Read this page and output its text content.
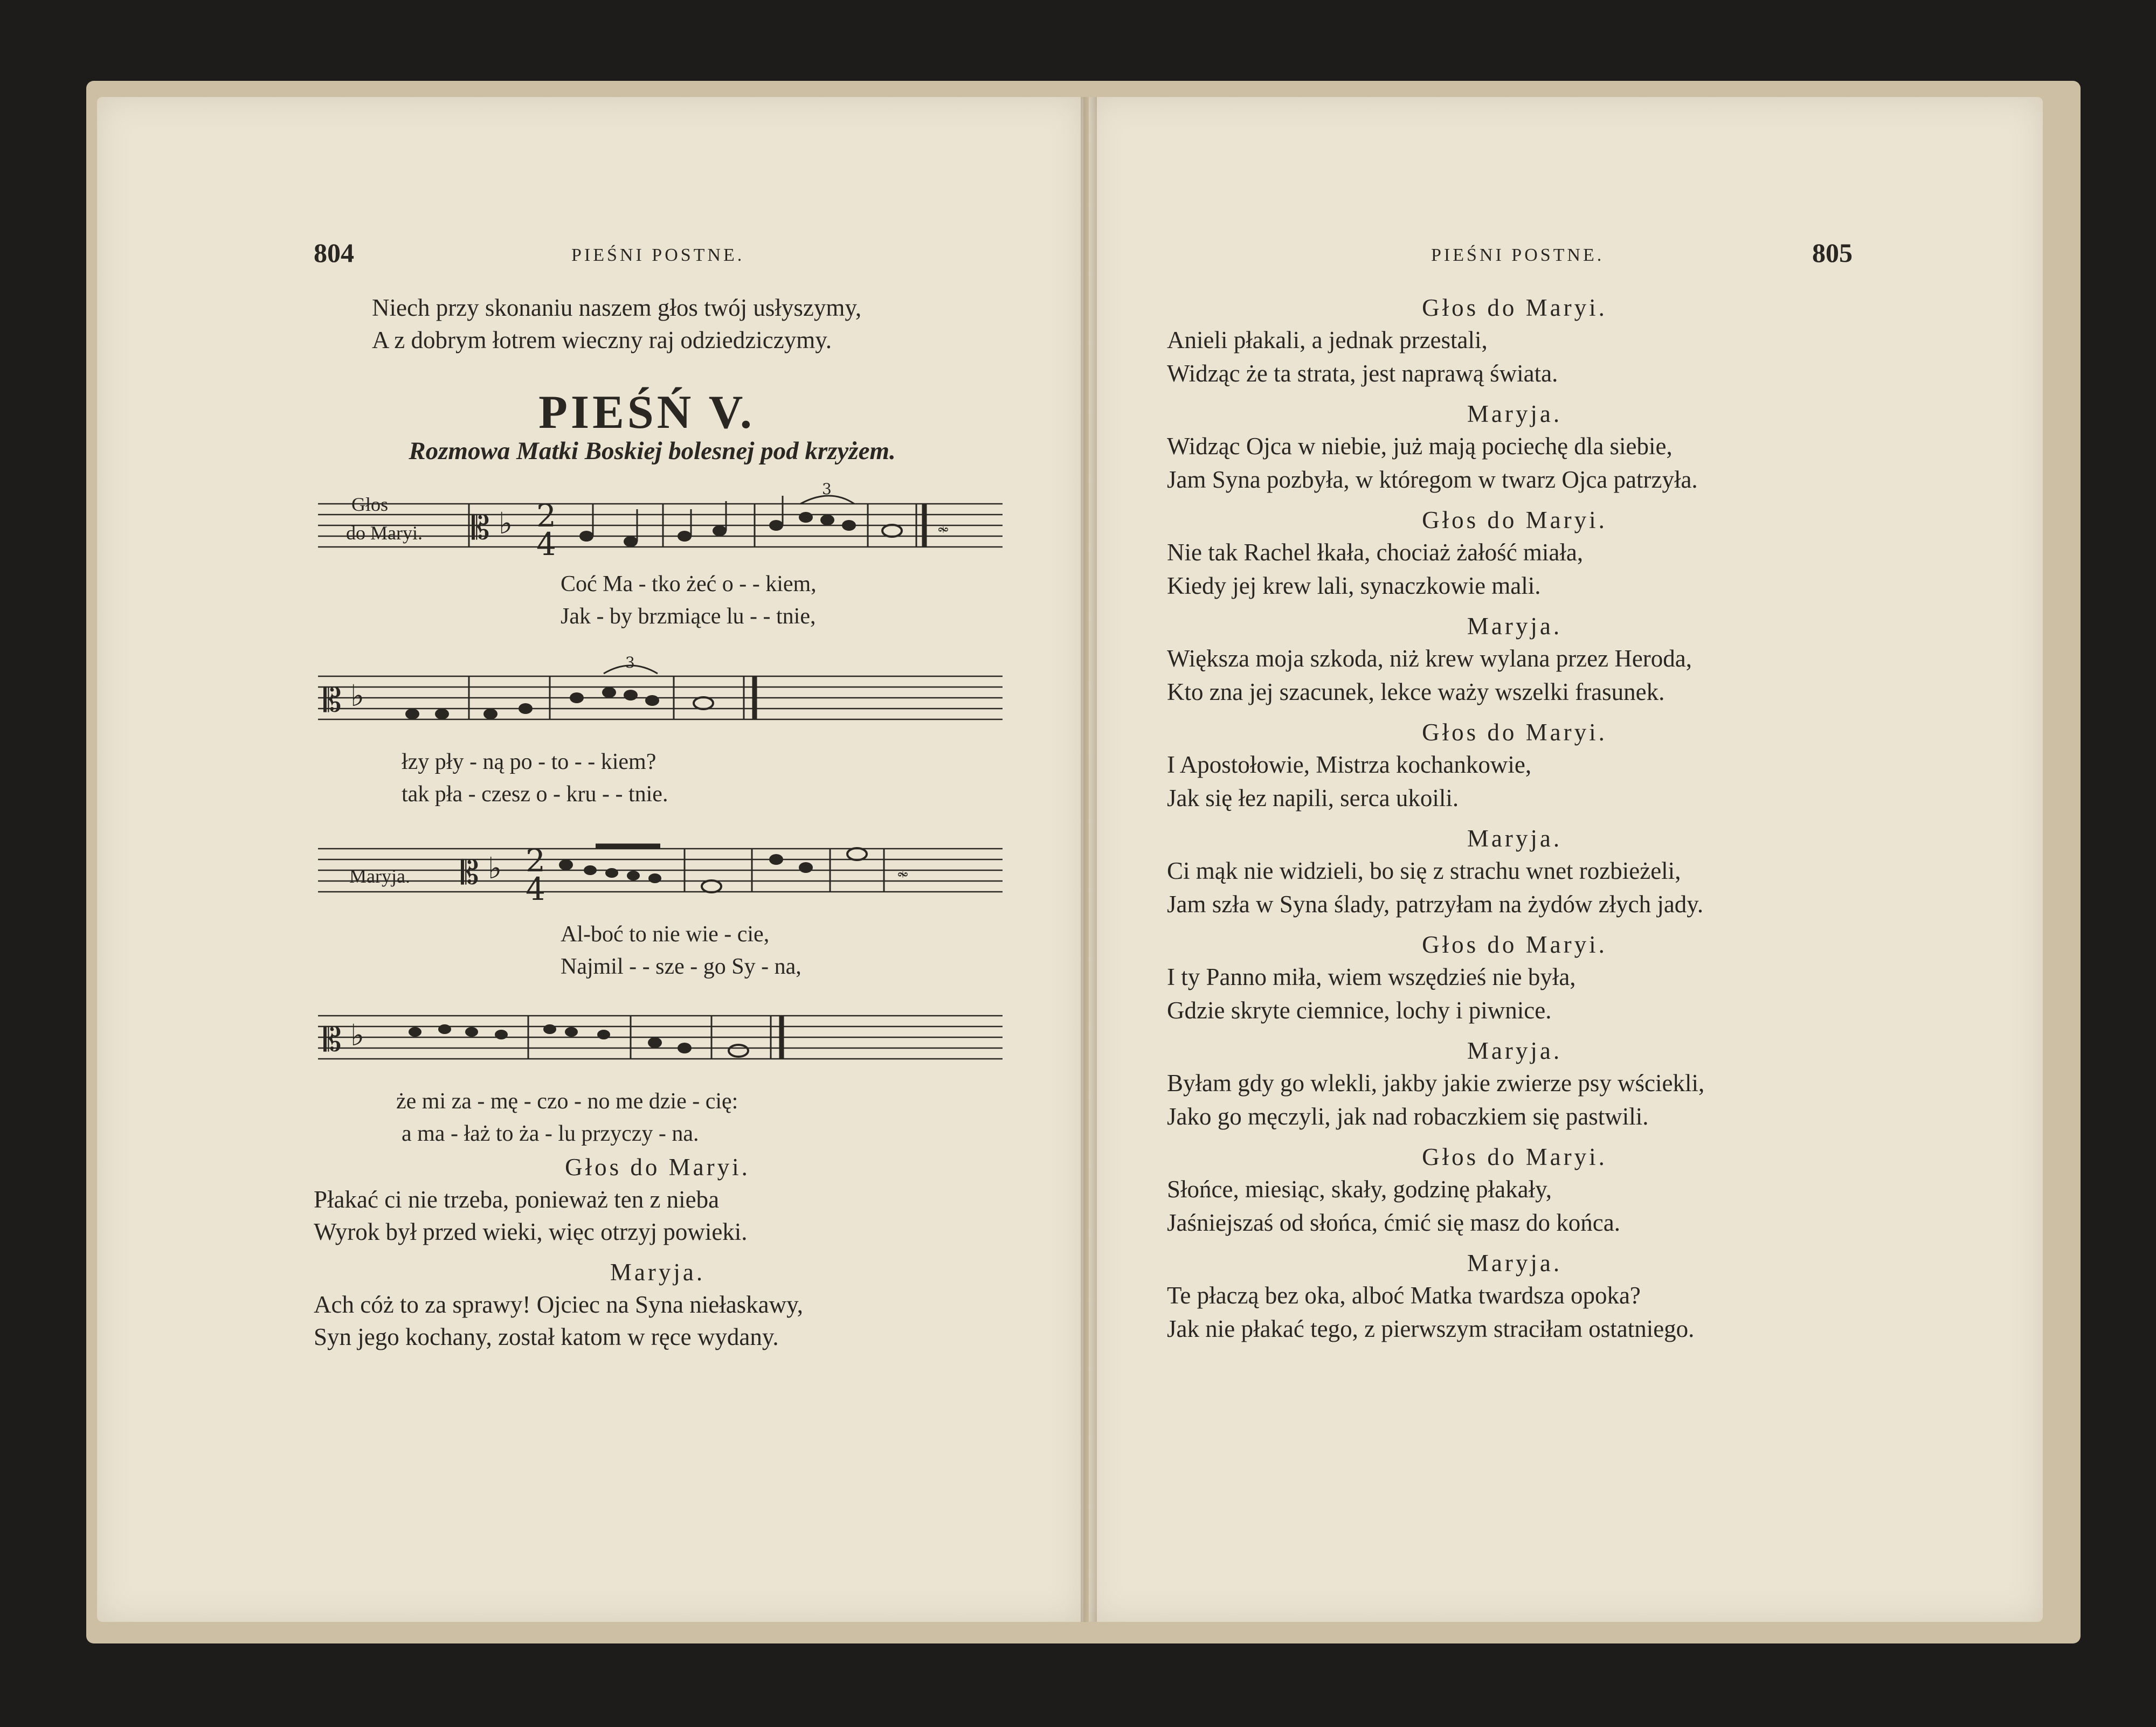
804	PIEŚNI POSTNE.
Niech przy skonaniu naszem głos twój usłyszymy,
A z dobrym łotrem wieczny raj odziedziczymy.
PIEŚŃ V.
Rozmowa Matki Boskiej bolesnej pod krzyżem.
Głos
do Maryi. 𝄡 ♭ 2
4
3
𝆙
Coć Ma - tko żeć o - - kiem,
Jak - by brzmiące lu - - tnie,
𝄡 ♭
3
łzy pły - ną po - to - - kiem?
tak pła - czesz o - kru - - tnie.
Maryja. 𝄡 ♭ 2
4	𝆙
Al-boć to nie wie - cie,
Najmil - - sze - go Sy - na,
𝄡 ♭
że mi za - mę - czo - no me dzie - cię:
a ma - łaż to ża - lu przyczy - na.
Głos do Maryi.
Płakać ci nie trzeba, ponieważ ten z nieba
Wyrok był przed wieki, więc otrzyj powieki.
Maryja.
Ach cóż to za sprawy! Ojciec na Syna niełaskawy,
Syn jego kochany, został katom w ręce wydany.
PIEŚNI POSTNE.	805
Głos do Maryi.
Anieli płakali, a jednak przestali,
Widząc że ta strata, jest naprawą świata.
Maryja.
Widząc Ojca w niebie, już mają pociechę dla siebie,
Jam Syna pozbyła, w któregom w twarz Ojca patrzyła.
Głos do Maryi.
Nie tak Rachel łkała, chociaż żałość miała,
Kiedy jej krew lali, synaczkowie mali.
Maryja.
Większa moja szkoda, niż krew wylana przez Heroda,
Kto zna jej szacunek, lekce waży wszelki frasunek.
Głos do Maryi.
I Apostołowie, Mistrza kochankowie,
Jak się łez napili, serca ukoili.
Maryja.
Ci mąk nie widzieli, bo się z strachu wnet rozbieżeli,
Jam szła w Syna ślady, patrzyłam na żydów złych jady.
Głos do Maryi.
I ty Panno miła, wiem wszędzieś nie była,
Gdzie skryte ciemnice, lochy i piwnice.
Maryja.
Byłam gdy go wlekli, jakby jakie zwierze psy wściekli,
Jako go męczyli, jak nad robaczkiem się pastwili.
Głos do Maryi.
Słońce, miesiąc, skały, godzinę płakały,
Jaśniejszaś od słońca, ćmić się masz do końca.
Maryja.
Te płaczą bez oka, alboć Matka twardsza opoka?
Jak nie płakać tego, z pierwszym straciłam ostatniego.
